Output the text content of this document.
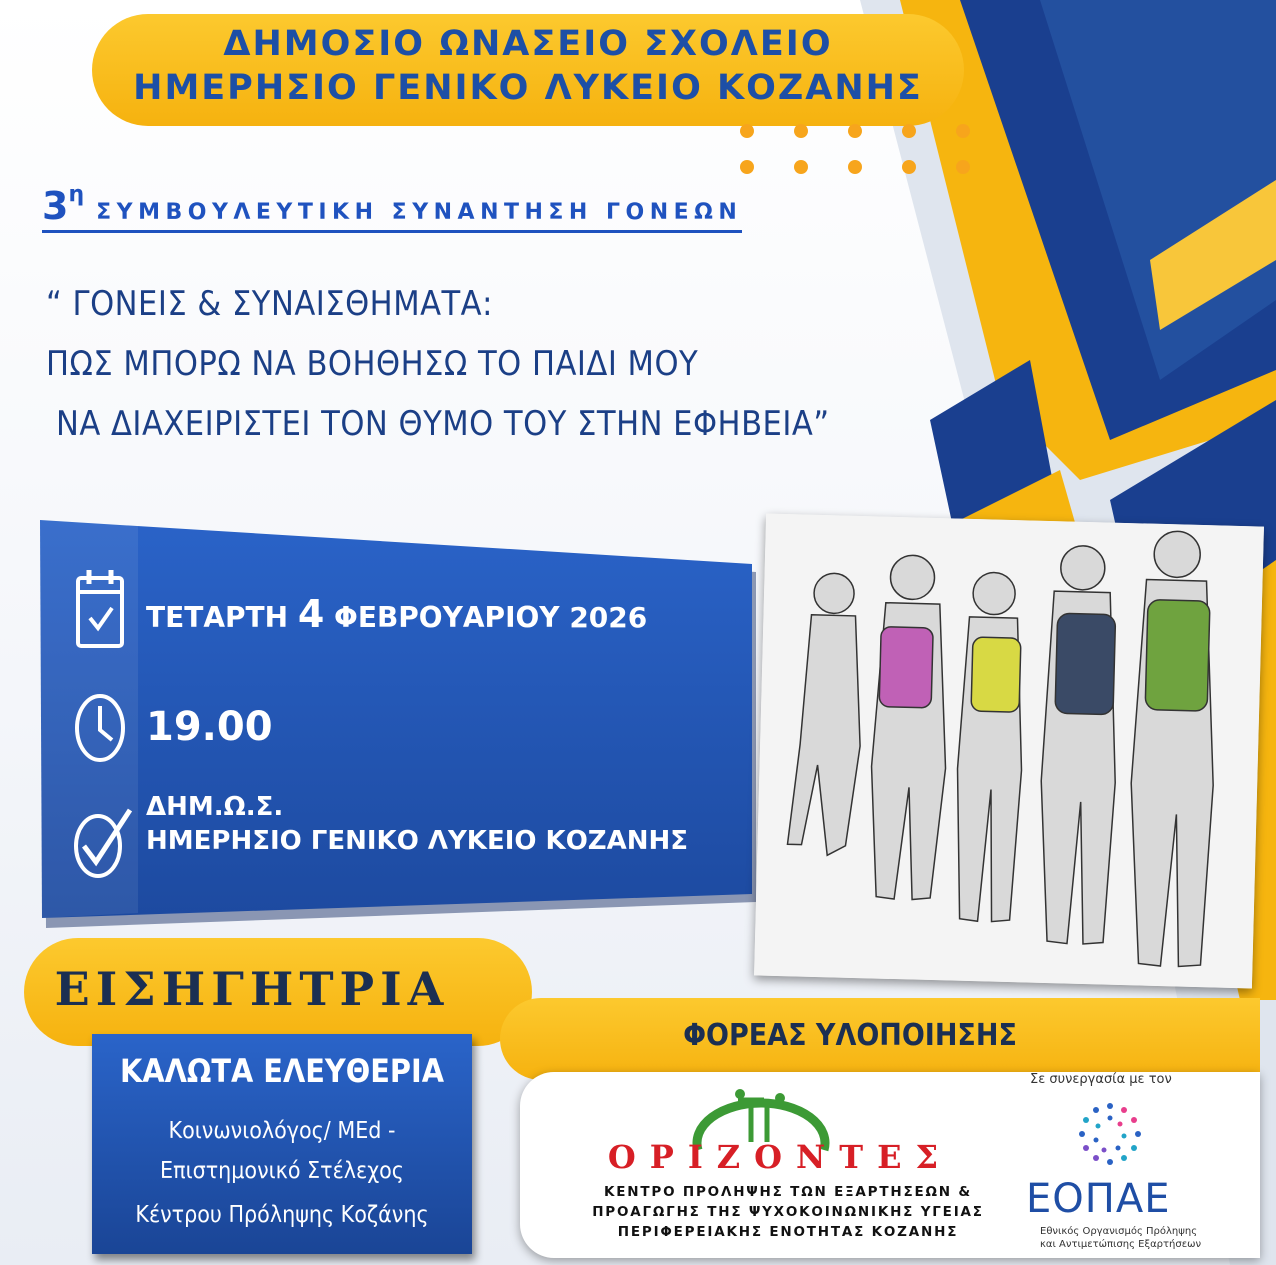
ΔΗΜΟΣΙΟ ΩΝΑΣΕΙΟ ΣΧΟΛΕΙΟ
ΗΜΕΡΗΣΙΟ ΓΕΝΙΚΟ ΛΥΚΕΙΟ ΚΟΖΑΝΗΣ
3ηΣΥΜΒΟΥΛΕΥΤΙΚΗ ΣΥΝΑΝΤΗΣΗ ΓΟΝΕΩΝ
“ ΓΟΝΕΙΣ & ΣΥΝΑΙΣΘΗΜΑΤΑ:
ΠΩΣ ΜΠΟΡΩ ΝΑ ΒΟΗΘΗΣΩ ΤΟ ΠΑΙΔΙ ΜΟΥ
ΝΑ ΔΙΑΧΕΙΡΙΣΤΕΙ ΤΟΝ ΘΥΜΟ ΤΟΥ ΣΤΗΝ ΕΦΗΒΕΙΑ”
ΤΕΤΑΡΤΗ 4 ΦΕΒΡΟΥΑΡΙΟΥ 2026
19.00
ΔΗΜ.Ω.Σ.
ΗΜΕΡΗΣΙΟ ΓΕΝΙΚΟ ΛΥΚΕΙΟ ΚΟΖΑΝΗΣ
ΕΙΣΗΓΗΤΡΙΑ
ΚΑΛΩΤΑ ΕΛΕΥΘΕΡΙΑ
Κοινωνιολόγος/ MEd -
Επιστημονικό Στέλεχος
Κέντρου Πρόληψης Κοζάνης
ΦΟΡΕΑΣ ΥΛΟΠΟΙΗΣΗΣ
Σε συνεργασία με τον
ΟΡΙΖΟΝΤΕΣ
ΚΕΝΤΡΟ ΠΡΟΛΗΨΗΣ ΤΩΝ ΕΞΑΡΤΗΣΕΩΝ &
ΠΡΟΑΓΩΓΗΣ ΤΗΣ ΨΥΧΟΚΟΙΝΩΝΙΚΗΣ ΥΓΕΙΑΣ
ΠΕΡΙΦΕΡΕΙΑΚΗΣ ΕΝΟΤΗΤΑΣ ΚΟΖΑΝΗΣ
ΕΟΠΑΕ
Εθνικός Οργανισμός Πρόληψης
και Αντιμετώπισης Εξαρτήσεων
